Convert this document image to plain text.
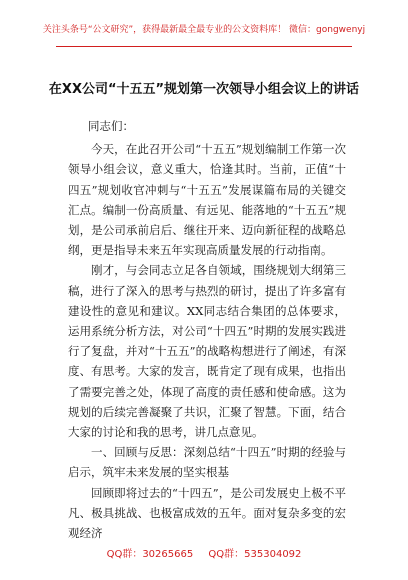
关注头条号“公文研究”，获得最新最全最专业的公文资料库！ 微信：gongwenyj
在XX公司“十五五”规划第一次领导小组会议上的讲话

同志们：

今天，在此召开公司“十五五”规划编制工作第一次领导小组会议，意义重大，恰逢其时。当前，正值“十四五”规划收官冲刺与“十五五”发展谋篇布局的关键交汇点。编制一份高质量、有远见、能落地的“十五五”规划，是公司承前启后、继往开来、迈向新征程的战略总纲，更是指导未来五年实现高质量发展的行动指南。

刚才，与会同志立足各自领域，围绕规划大纲第三稿，进行了深入的思考与热烈的研讨，提出了许多富有建设性的意见和建议。XX同志结合集团的总体要求，运用系统分析方法，对公司“十四五”时期的发展实践进行了复盘，并对“十五五”的战略构想进行了阐述，有深度、有思考。大家的发言，既肯定了现有成果，也指出了需要完善之处，体现了高度的责任感和使命感。这为规划的后续完善凝聚了共识，汇聚了智慧。下面，结合大家的讨论和我的思考，讲几点意见。

一、回顾与反思：深刻总结“十四五”时期的经验与启示，筑牢未来发展的坚实根基

回顾即将过去的“十四五”，是公司发展史上极不平凡、极具挑战、也极富成效的五年。面对复杂多变的宏观经济

QQ群：30265665 QQ群：535304092
